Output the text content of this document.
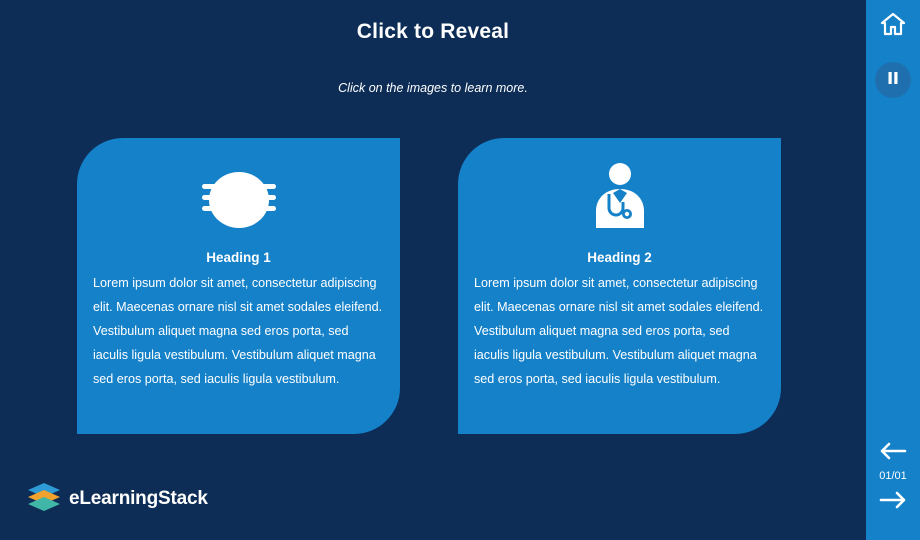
Click to Reveal
Click on the images to learn more.
Heading 1
Lorem ipsum dolor sit amet, consectetur adipiscing elit. Maecenas ornare nisl sit amet sodales eleifend. Vestibulum aliquet magna sed eros porta, sed iaculis ligula vestibulum. Vestibulum aliquet magna sed eros porta, sed iaculis ligula vestibulum.
Heading 2
Lorem ipsum dolor sit amet, consectetur adipiscing elit. Maecenas ornare nisl sit amet sodales eleifend. Vestibulum aliquet magna sed eros porta, sed iaculis ligula vestibulum. Vestibulum aliquet magna sed eros porta, sed iaculis ligula vestibulum.
eLearningStack
01/01
